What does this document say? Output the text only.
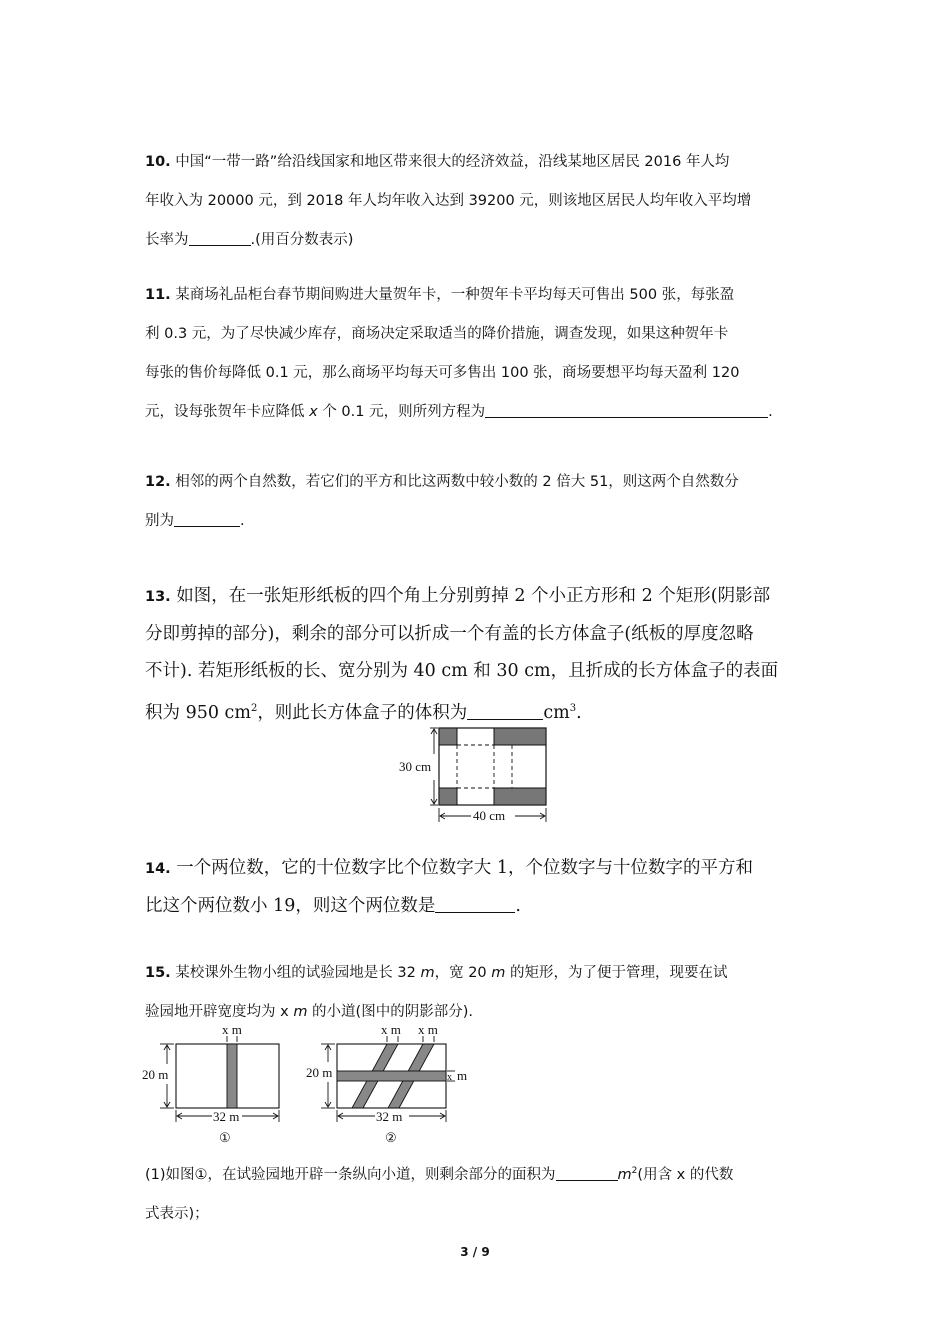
10. 中国“一带一路”给沿线国家和地区带来很大的经济效益，沿线某地区居民 2016 年人均
年收入为 20000 元，到 2018 年人均年收入达到 39200 元，则该地区居民人均年收入平均增
长率为	.(用百分数表示)
11. 某商场礼品柜台春节期间购进大量贺年卡，一种贺年卡平均每天可售出 500 张，每张盈
利 0.3 元，为了尽快减少库存，商场决定采取适当的降价措施，调查发现，如果这种贺年卡
每张的售价每降低 0.1 元，那么商场平均每天可多售出 100 张，商场要想平均每天盈利 120
元，设每张贺年卡应降低 x 个 0.1 元，则所列方程为	.
12. 相邻的两个自然数，若它们的平方和比这两数中较小数的 2 倍大 51，则这两个自然数分
别为	.
13. 如图，在一张矩形纸板的四个角上分别剪掉 2 个小正方形和 2 个矩形(阴影部
分即剪掉的部分)，剩余的部分可以折成一个有盖的长方体盒子(纸板的厚度忽略
不计). 若矩形纸板的长、宽分别为 40 cm 和 30 cm，且折成的长方体盒子的表面
积为 950 $cm^2$，则此长方体盒子的体积为	$cm^3$.
30 cm
40 cm
14. 一个两位数，它的十位数字比个位数字大 1，个位数字与十位数字的平方和
比这个两位数小 19，则这个两位数是	.
15. 某校课外生物小组的试验园地是长 32 m，宽 20 m 的矩形，为了便于管理，现要在试
验园地开辟宽度均为 x m 的小道(图中的阴影部分).
x m
20 m
32 m
①
x m x m
x m
20 m
32 m
②
(1)如图①，在试验园地开辟一条纵向小道，则剩余部分的面积为	$m^2$(用含 x 的代数
式表示)；
3 / 9
